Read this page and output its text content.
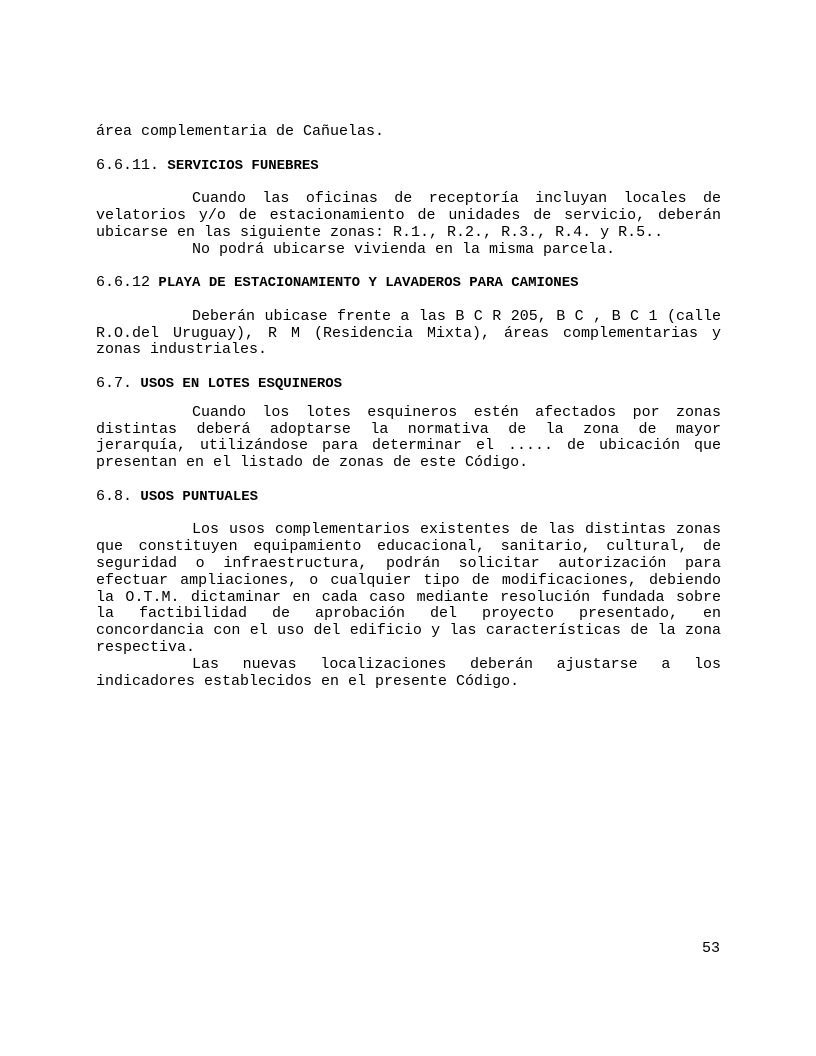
área complementaria de Cañuelas.

6.6.11. SERVICIOS FUNEBRES

Cuando las oficinas de receptoría incluyan locales de velatorios y/o de estacionamiento de unidades de servicio, deberán ubicarse en las siguiente zonas: R.1., R.2., R.3., R.4. y R.5..

No podrá ubicarse vivienda en la misma parcela.

6.6.12 PLAYA DE ESTACIONAMIENTO Y LAVADEROS PARA CAMIONES

Deberán ubicase frente a las B C R 205, B C , B C 1 (calle R.O.del Uruguay), R M (Residencia Mixta), áreas complementarias y zonas industriales.

6.7. USOS EN LOTES ESQUINEROS

Cuando los lotes esquineros estén afectados por zonas distintas deberá adoptarse la normativa de la zona de mayor jerarquía, utilizándose para determinar el ..... de ubicación que presentan en el listado de zonas de este Código.

6.8. USOS PUNTUALES

Los usos complementarios existentes de las distintas zonas que constituyen equipamiento educacional, sanitario, cultural, de seguridad o infraestructura, podrán solicitar autorización para efectuar ampliaciones, o cualquier tipo de modificaciones, debiendo la O.T.M. dictaminar en cada caso mediante resolución fundada sobre la factibilidad de aprobación del proyecto presentado, en concordancia con el uso del edificio y las características de la zona respectiva.

Las nuevas localizaciones deberán ajustarse a los indicadores establecidos en el presente Código.

53
